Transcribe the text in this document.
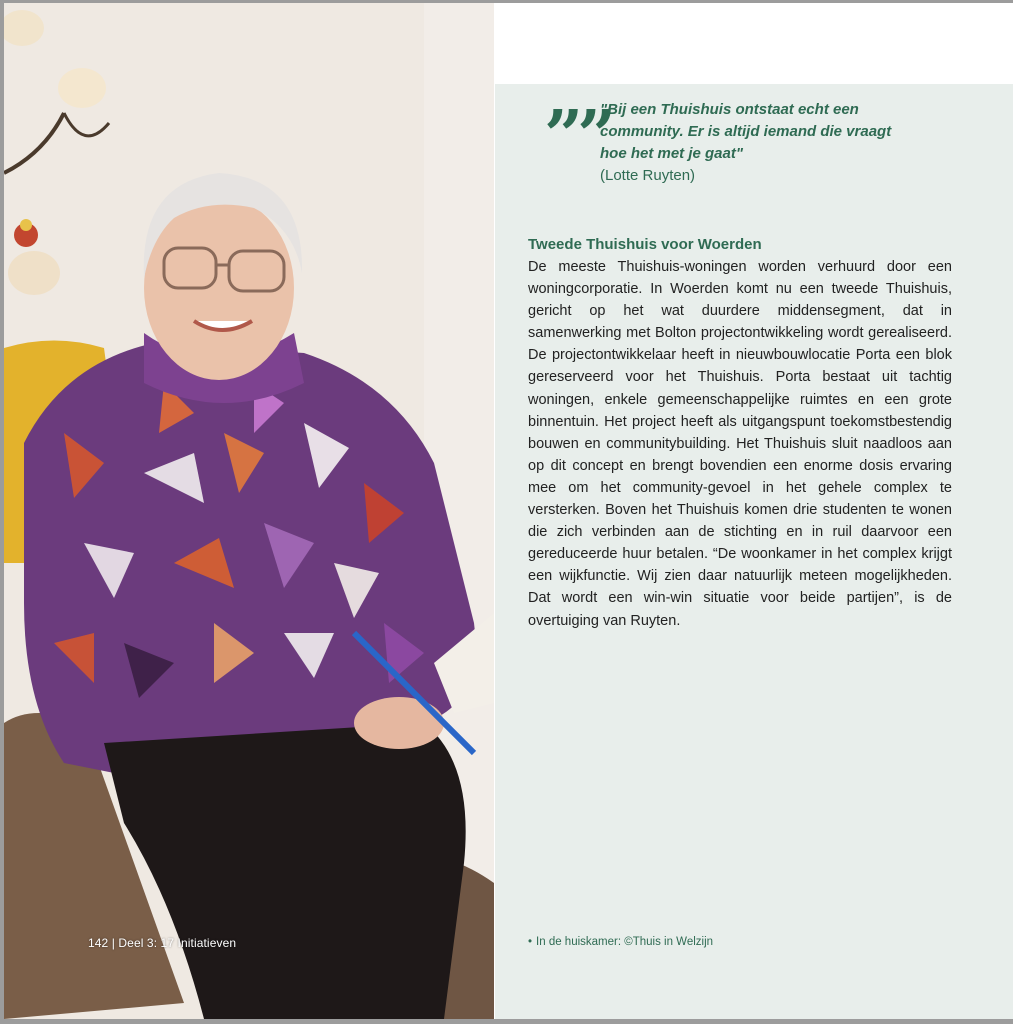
142 | Deel 3: 17 Initiatieven
””
"Bij een Thuishuis ontstaat echt een community. Er is altijd iemand die vraagt hoe het met je gaat"
(Lotte Ruyten)
Tweede Thuishuis voor Woerden
De meeste Thuishuis-woningen worden verhuurd door een woningcorporatie. In Woerden komt nu een tweede Thuishuis, gericht op het wat duurdere middensegment, dat in samenwerking met Bolton projectontwikkeling wordt gerealiseerd. De projectontwikkelaar heeft in nieuwbouwlocatie Porta een blok gereserveerd voor het Thuishuis. Porta bestaat uit tachtig woningen, enkele gemeenschappelijke ruimtes en een grote binnentuin. Het project heeft als uitgangspunt toekomstbestendig bouwen en communitybuilding. Het Thuishuis sluit naadloos aan op dit concept en brengt bovendien een enorme dosis ervaring mee om het community-gevoel in het gehele complex te versterken. Boven het Thuishuis komen drie studenten te wonen die zich verbinden aan de stichting en in ruil daarvoor een gereduceerde huur betalen. “De woonkamer in het complex krijgt een wijkfunctie. Wij zien daar natuurlijk meteen mogelijkheden. Dat wordt een win-win situatie voor beide partijen”, is de overtuiging van Ruyten.
• In de huiskamer: ©Thuis in Welzijn
